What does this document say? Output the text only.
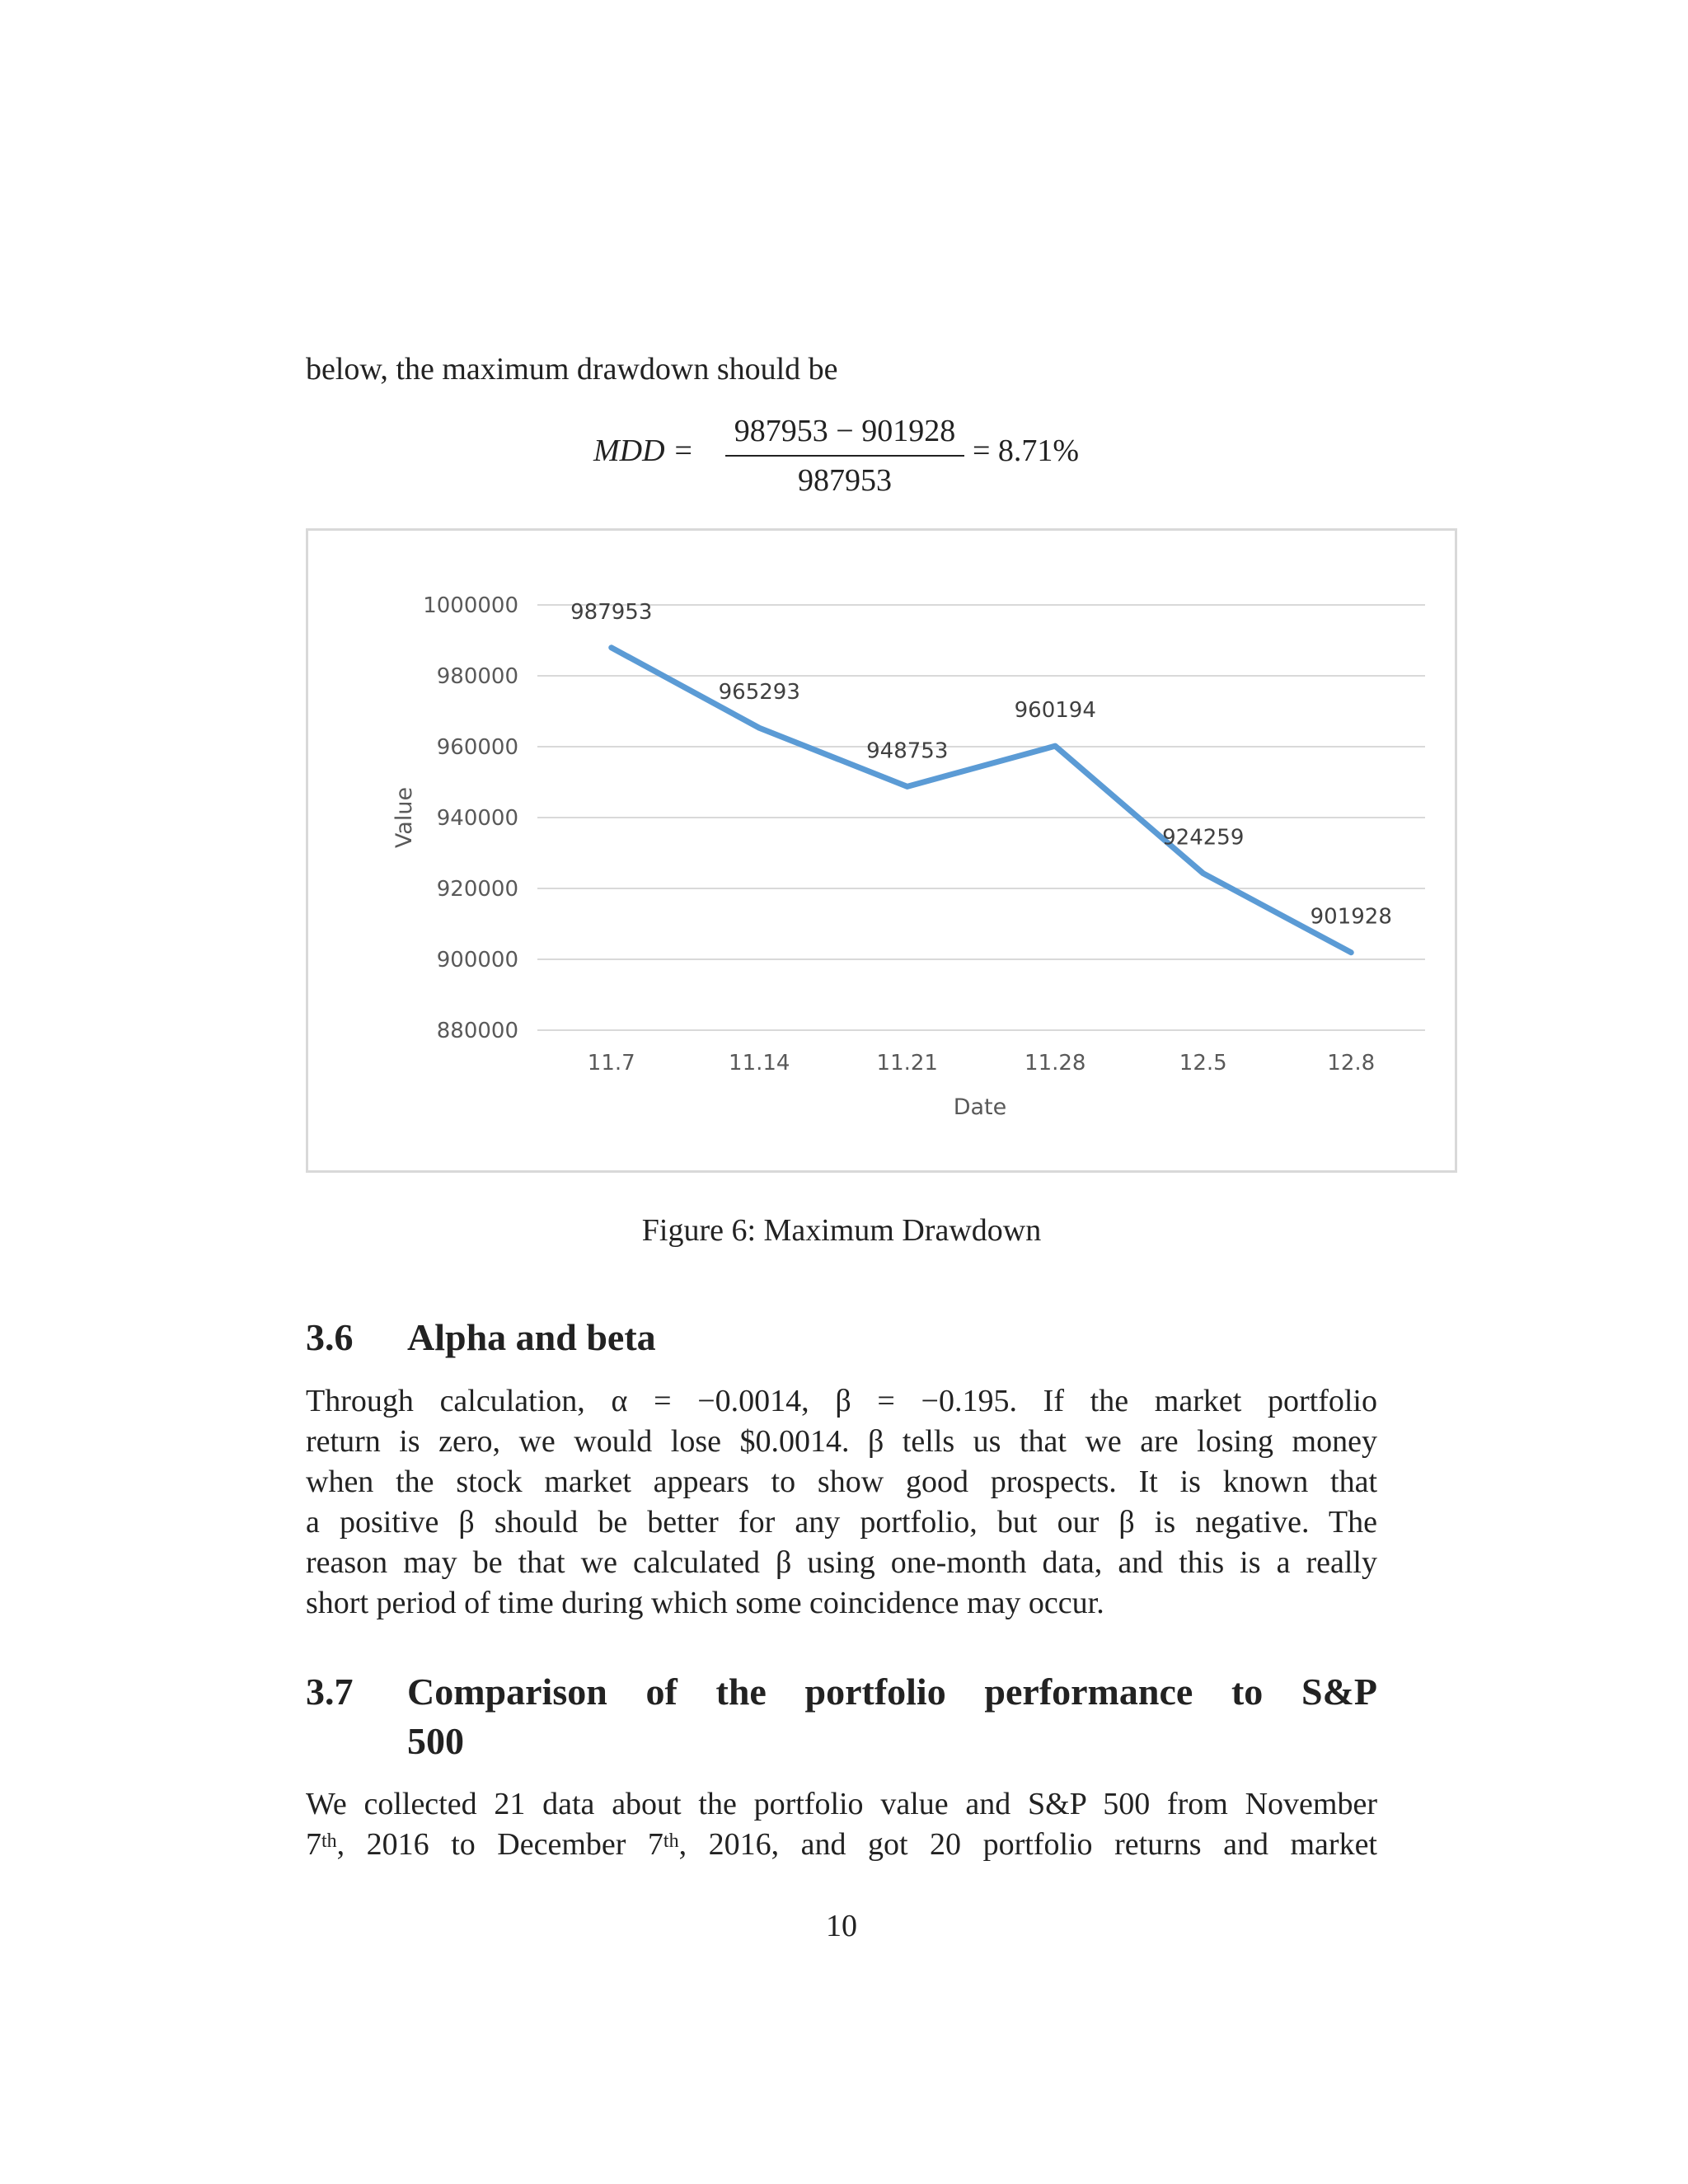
below, the maximum drawdown should be
MDD =
987953 − 901928
987953
= 8.71%
880000
900000
920000
940000
960000
980000
1000000
11.7	11.14	11.21	11.28	12.5	12.8
987953
965293
948753
960194
924259
901928
Value
Date
Figure 6: Maximum Drawdown
3.6 Alpha and beta
Through calculation, α = −0.0014, β = −0.195. If the market portfolio
return is zero, we would lose $0.0014. β tells us that we are losing money
when the stock market appears to show good prospects. It is known that
a positive β should be better for any portfolio, but our β is negative. The
reason may be that we calculated β using one-month data, and this is a really
short period of time during which some coincidence may occur.
3.7 Comparison of the portfolio performance to S&P
500
We collected 21 data about the portfolio value and S&P 500 from November
7th, 2016 to December 7th, 2016, and got 20 portfolio returns and market
10
